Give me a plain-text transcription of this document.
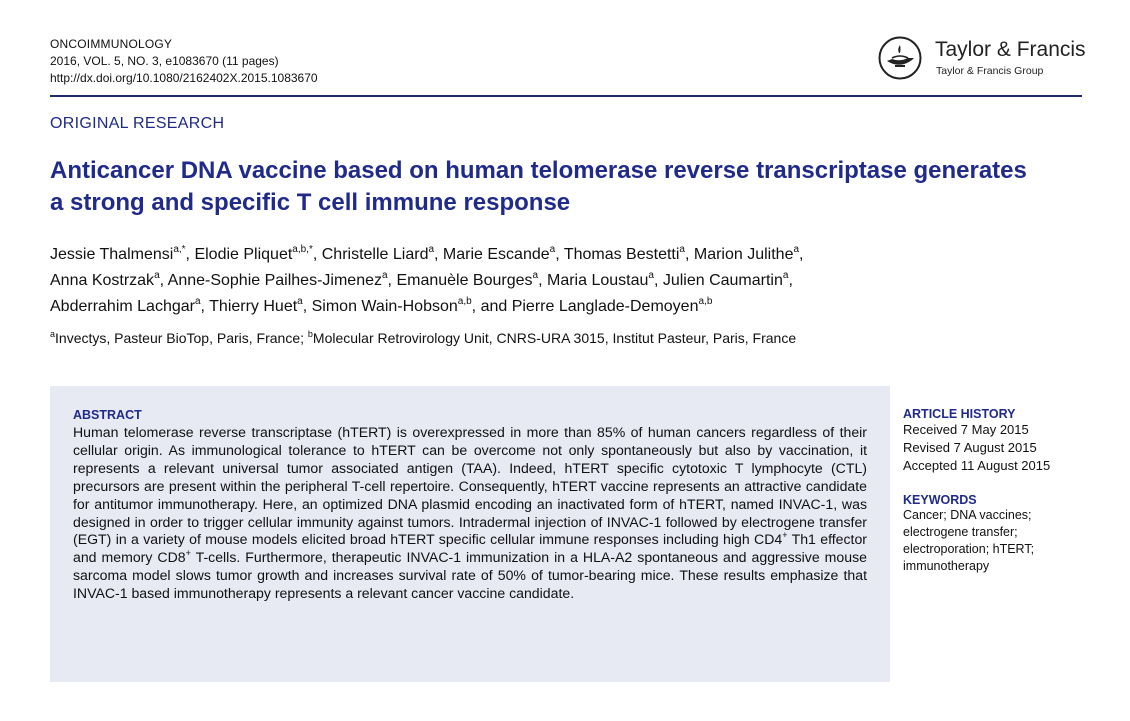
ONCOIMMUNOLOGY
2016, VOL. 5, NO. 3, e1083670 (11 pages)
http://dx.doi.org/10.1080/2162402X.2015.1083670
Taylor & Francis
Taylor & Francis Group
ORIGINAL RESEARCH
Anticancer DNA vaccine based on human telomerase reverse transcriptase generates
a strong and specific T cell immune response
Jessie Thalmensi$^{a,*}$, Elodie Pliquet$^{a,b,*}$, Christelle Liard$^a$, Marie Escande$^a$, Thomas Bestetti$^a$, Marion Julithe$^a$,
Anna Kostrzak$^a$, Anne-Sophie Pailhes-Jimenez$^a$, Emanuèle Bourges$^a$, Maria Loustau$^a$, Julien Caumartin$^a$,
Abderrahim Lachgar$^a$, Thierry Huet$^a$, Simon Wain-Hobson$^{a,b}$, and Pierre Langlade-Demoyen$^{a,b}$
$^a$Invectys, Pasteur BioTop, Paris, France; $^b$Molecular Retrovirology Unit, CNRS-URA 3015, Institut Pasteur, Paris, France
ABSTRACT
Human telomerase reverse transcriptase (hTERT) is overexpressed in more than 85% of human cancers regardless of their cellular origin. As immunological tolerance to hTERT can be overcome not only spontaneously but also by vaccination, it represents a relevant universal tumor associated antigen (TAA). Indeed, hTERT specific cytotoxic T lymphocyte (CTL) precursors are present within the peripheral T-cell repertoire. Consequently, hTERT vaccine represents an attractive candidate for antitumor immunotherapy. Here, an optimized DNA plasmid encoding an inactivated form of hTERT, named INVAC-1, was designed in order to trigger cellular immunity against tumors. Intradermal injection of INVAC-1 followed by electrogene transfer (EGT) in a variety of mouse models elicited broad hTERT specific cellular immune responses including high CD4+ Th1 effector and memory CD8+ T-cells. Furthermore, therapeutic INVAC-1 immunization in a HLA-A2 spontaneous and aggressive mouse sarcoma model slows tumor growth and increases survival rate of 50% of tumor-bearing mice. These results emphasize that INVAC-1 based immunotherapy represents a relevant cancer vaccine candidate.
ARTICLE HISTORY
Received 7 May 2015
Revised 7 August 2015
Accepted 11 August 2015
KEYWORDS
Cancer; DNA vaccines;
electrogene transfer;
electroporation; hTERT;
immunotherapy
